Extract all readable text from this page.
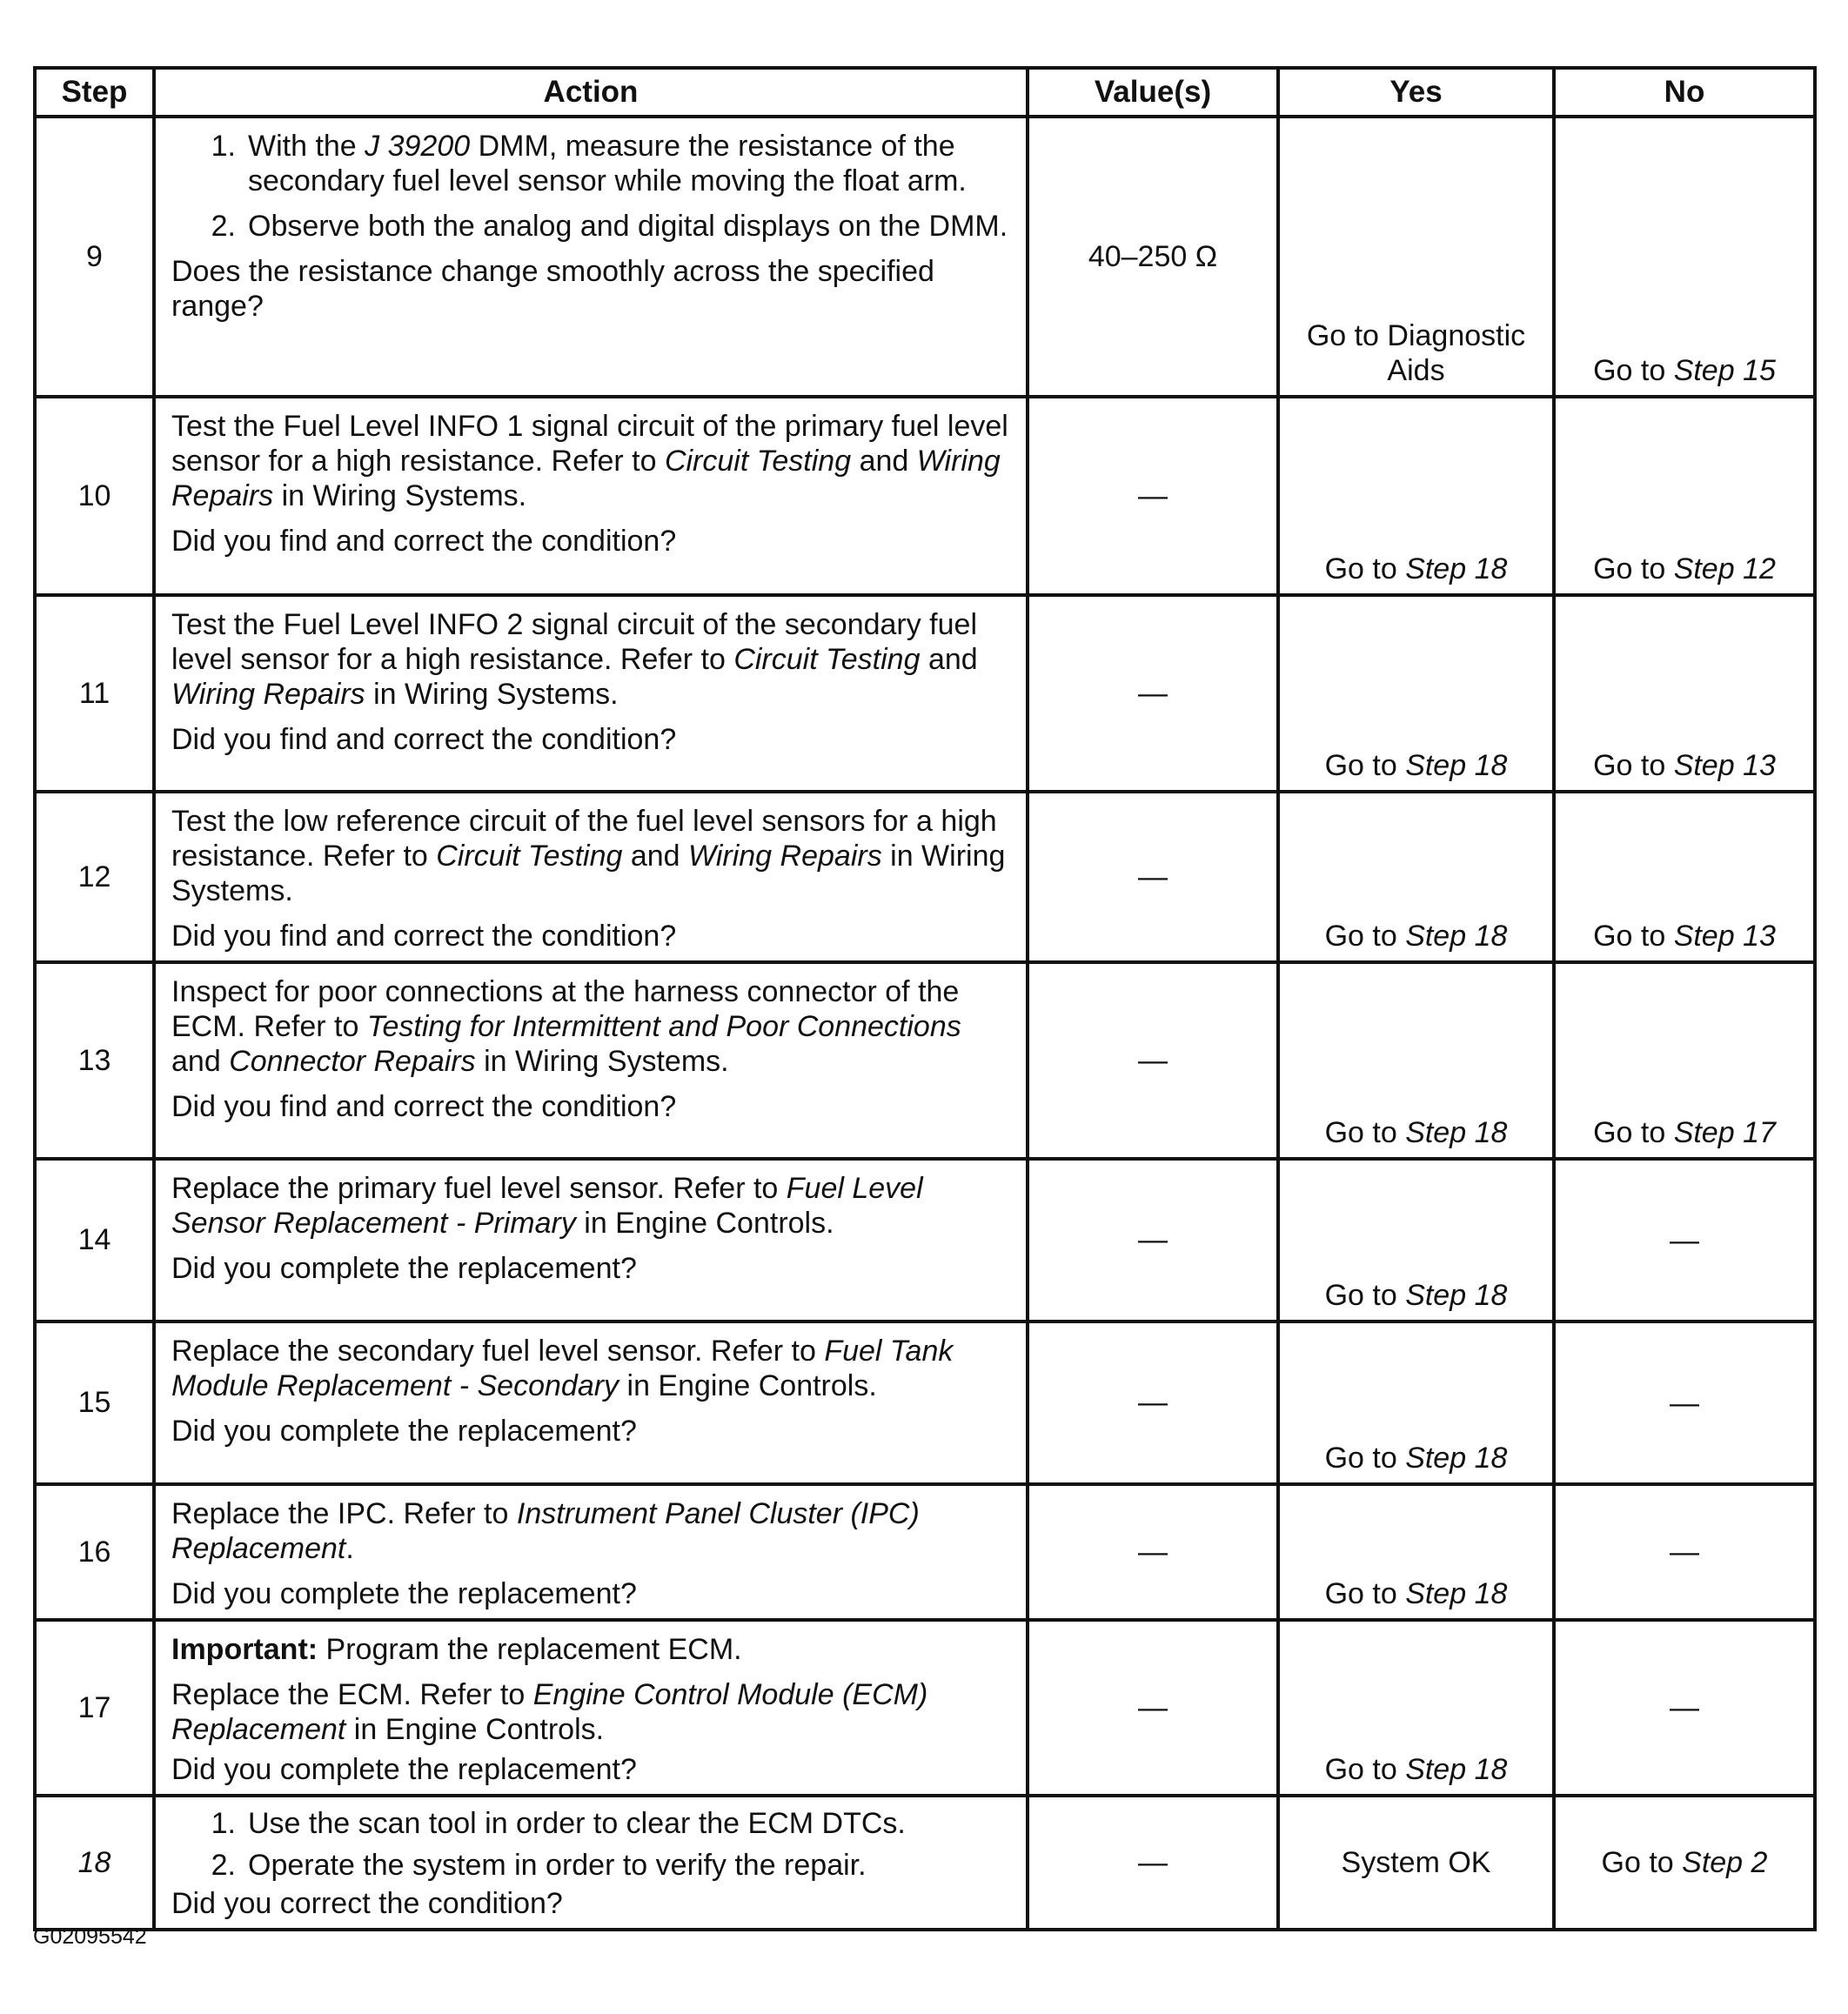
Step	Action	Value(s)	Yes	No
9	1. With the J 39200 DMM, measure the resistance of the secondary fuel level sensor while moving the float arm.
2. Observe both the analog and digital displays on the DMM.
Does the resistance change smoothly across the specified range?	40–250 Ω	Go to Diagnostic Aids	Go to Step 15
10	Test the Fuel Level INFO 1 signal circuit of the primary fuel level sensor for a high resistance. Refer to Circuit Testing and Wiring Repairs in Wiring Systems.
Did you find and correct the condition?	—	Go to Step 18	Go to Step 12
11	Test the Fuel Level INFO 2 signal circuit of the secondary fuel level sensor for a high resistance. Refer to Circuit Testing and Wiring Repairs in Wiring Systems.
Did you find and correct the condition?	—	Go to Step 18	Go to Step 13
12	Test the low reference circuit of the fuel level sensors for a high resistance. Refer to Circuit Testing and Wiring Repairs in Wiring Systems.
Did you find and correct the condition?	—	Go to Step 18	Go to Step 13
13	Inspect for poor connections at the harness connector of the ECM. Refer to Testing for Intermittent and Poor Connections and Connector Repairs in Wiring Systems.
Did you find and correct the condition?	—	Go to Step 18	Go to Step 17
14	Replace the primary fuel level sensor. Refer to Fuel Level Sensor Replacement - Primary in Engine Controls.
Did you complete the replacement?	—	Go to Step 18	—
15	Replace the secondary fuel level sensor. Refer to Fuel Tank Module Replacement - Secondary in Engine Controls.
Did you complete the replacement?	—	Go to Step 18	—
16	Replace the IPC. Refer to Instrument Panel Cluster (IPC) Replacement.
Did you complete the replacement?	—	Go to Step 18	—
17	Important: Program the replacement ECM.
Replace the ECM. Refer to Engine Control Module (ECM) Replacement in Engine Controls.
Did you complete the replacement?	—	Go to Step 18	—
18	1. Use the scan tool in order to clear the ECM DTCs.
2. Operate the system in order to verify the repair.
Did you correct the condition?	—	System OK	Go to Step 2
G02095542
